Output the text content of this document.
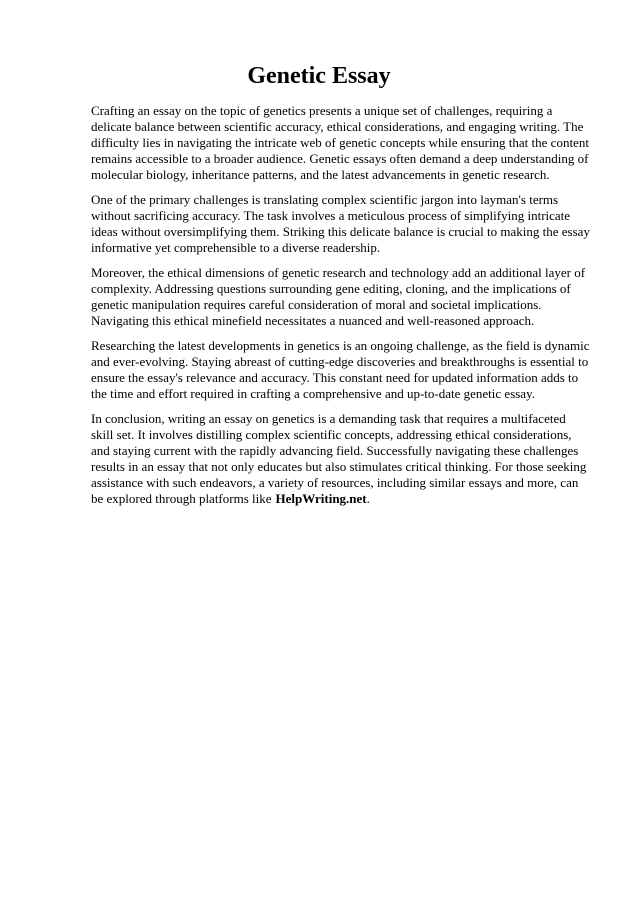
Genetic Essay

Crafting an essay on the topic of genetics presents a unique set of challenges, requiring a delicate balance between scientific accuracy, ethical considerations, and engaging writing. The difficulty lies in navigating the intricate web of genetic concepts while ensuring that the content remains accessible to a broader audience. Genetic essays often demand a deep understanding of molecular biology, inheritance patterns, and the latest advancements in genetic research.

One of the primary challenges is translating complex scientific jargon into layman's terms without sacrificing accuracy. The task involves a meticulous process of simplifying intricate ideas without oversimplifying them. Striking this delicate balance is crucial to making the essay informative yet comprehensible to a diverse readership.

Moreover, the ethical dimensions of genetic research and technology add an additional layer of complexity. Addressing questions surrounding gene editing, cloning, and the implications of genetic manipulation requires careful consideration of moral and societal implications. Navigating this ethical minefield necessitates a nuanced and well-reasoned approach.

Researching the latest developments in genetics is an ongoing challenge, as the field is dynamic and ever-evolving. Staying abreast of cutting-edge discoveries and breakthroughs is essential to ensure the essay's relevance and accuracy. This constant need for updated information adds to the time and effort required in crafting a comprehensive and up-to-date genetic essay.

In conclusion, writing an essay on genetics is a demanding task that requires a multifaceted skill set. It involves distilling complex scientific concepts, addressing ethical considerations, and staying current with the rapidly advancing field. Successfully navigating these challenges results in an essay that not only educates but also stimulates critical thinking. For those seeking assistance with such endeavors, a variety of resources, including similar essays and more, can be explored through platforms like HelpWriting.net.
